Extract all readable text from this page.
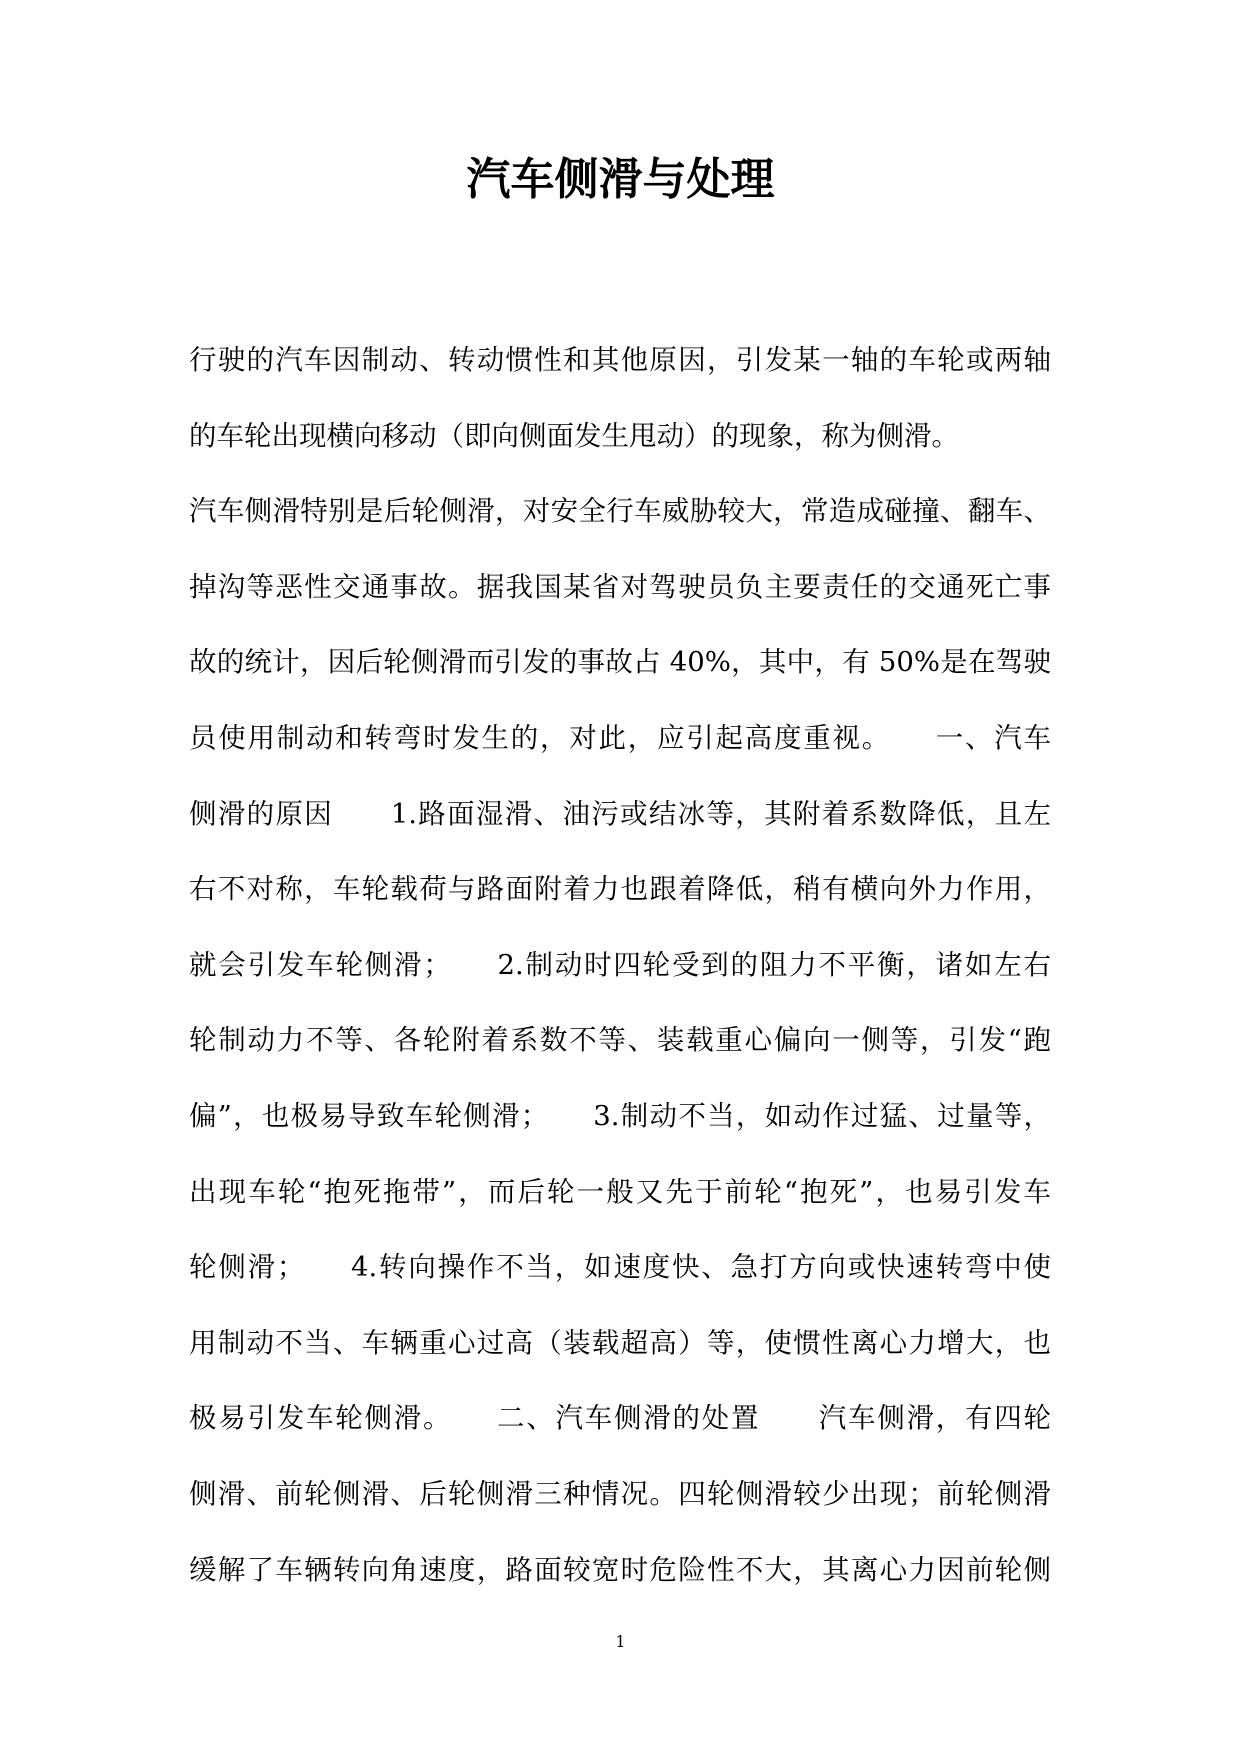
汽车侧滑与处理
行驶的汽车因制动、转动惯性和其他原因，引发某一轴的车轮或两轴
的车轮出现横向移动（即向侧面发生甩动）的现象，称为侧滑。
汽车侧滑特别是后轮侧滑，对安全行车威胁较大，常造成碰撞、翻车、
掉沟等恶性交通事故。据我国某省对驾驶员负主要责任的交通死亡事
故的统计，因后轮侧滑而引发的事故占 40%，其中，有 50%是在驾驶
员使用制动和转弯时发生的，对此，应引起高度重视。　　一、汽车
侧滑的原因　　1.路面湿滑、油污或结冰等，其附着系数降低，且左
右不对称，车轮载荷与路面附着力也跟着降低，稍有横向外力作用，
就会引发车轮侧滑；　　2.制动时四轮受到的阻力不平衡，诸如左右
轮制动力不等、各轮附着系数不等、装载重心偏向一侧等，引发“跑
偏”，也极易导致车轮侧滑；　　3.制动不当，如动作过猛、过量等，
出现车轮“抱死拖带”，而后轮一般又先于前轮“抱死”，也易引发车
轮侧滑；　　4.转向操作不当，如速度快、急打方向或快速转弯中使
用制动不当、车辆重心过高（装载超高）等，使惯性离心力增大，也
极易引发车轮侧滑。　　二、汽车侧滑的处置　　汽车侧滑，有四轮
侧滑、前轮侧滑、后轮侧滑三种情况。四轮侧滑较少出现；前轮侧滑
缓解了车辆转向角速度，路面较宽时危险性不大，其离心力因前轮侧
1
